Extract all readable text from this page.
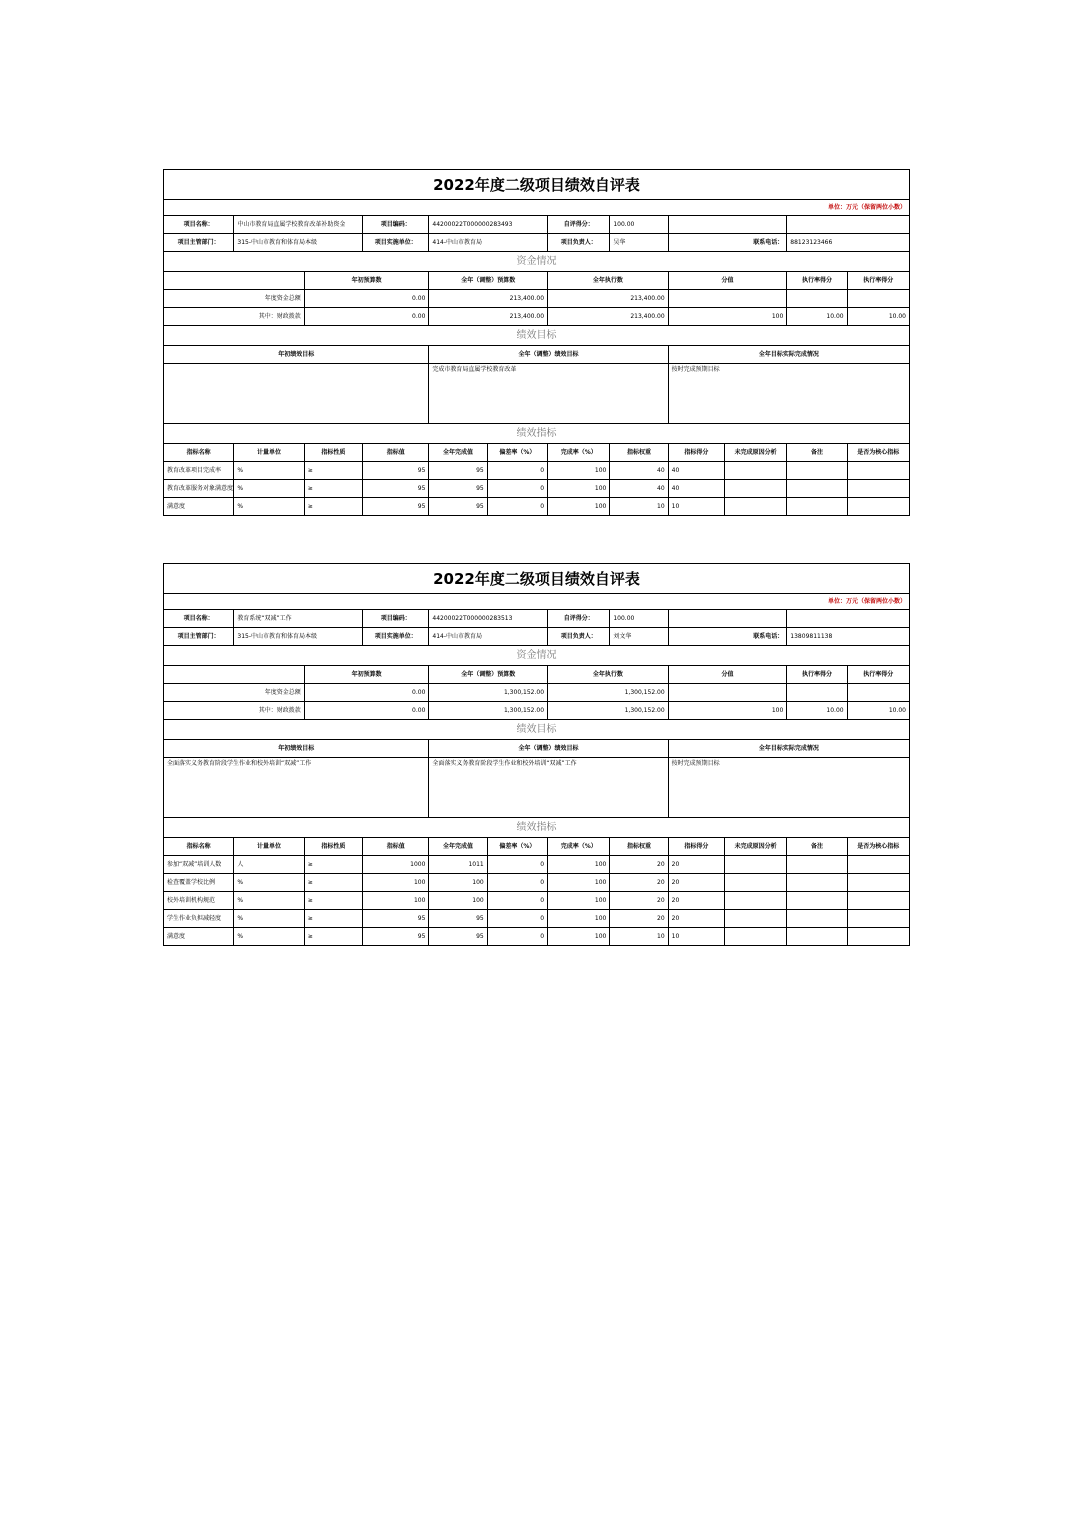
2022年度二级项目绩效自评表											
单位：万元（保留两位小数）											
项目名称：	中山市教育局直属学校教育改革补助资金		项目编码：	44200022T000000283493		自评得分：	100.00				
项目主管部门：	315-中山市教育和体育局本级		项目实施单位：	414-中山市教育局		项目负责人：	吴华	联系电话：		88123123466	
资金情况											
		年初预算数		全年（调整）预算数		全年执行数		分值		执行率得分	执行率得分
年度资金总额		0.00		213,400.00		213,400.00					
其中：财政拨款		0.00		213,400.00		213,400.00		100		10.00	10.00
绩效目标											
年初绩效目标				全年（调整）绩效目标				全年目标实际完成情况			
				完成市教育局直属学校教育改革				按时完成预期目标			
绩效指标											
指标名称	计量单位	指标性质	指标值	全年完成值	偏差率（%）	完成率（%）	指标权重	指标得分	未完成原因分析	备注	是否为核心指标
教育改革项目完成率	%	≥	95	95	0	100	40	40			
教育改革服务对象满意度	%	≥	95	95	0	100	40	40			
满意度	%	≥	95	95	0	100	10	10			
2022年度二级项目绩效自评表											
单位：万元（保留两位小数）											
项目名称：	教育系统“双减”工作		项目编码：	44200022T000000283513		自评得分：	100.00				
项目主管部门：	315-中山市教育和体育局本级		项目实施单位：	414-中山市教育局		项目负责人：	刘文华	联系电话：		13809811138	
资金情况											
		年初预算数		全年（调整）预算数		全年执行数		分值		执行率得分	执行率得分
年度资金总额		0.00		1,300,152.00		1,300,152.00					
其中：财政拨款		0.00		1,300,152.00		1,300,152.00		100		10.00	10.00
绩效目标											
年初绩效目标				全年（调整）绩效目标				全年目标实际完成情况			
全面落实义务教育阶段学生作业和校外培训“双减”工作				全面落实义务教育阶段学生作业和校外培训“双减”工作				按时完成预期目标			
绩效指标											
指标名称	计量单位	指标性质	指标值	全年完成值	偏差率（%）	完成率（%）	指标权重	指标得分	未完成原因分析	备注	是否为核心指标
参加“双减”培训人数	人	≥	1000	1011	0	100	20	20			
检查覆盖学校比例	%	≥	100	100	0	100	20	20			
校外培训机构规范	%	≥	100	100	0	100	20	20			
学生作业负担减轻度	%	≥	95	95	0	100	20	20			
满意度	%	≥	95	95	0	100	10	10			
